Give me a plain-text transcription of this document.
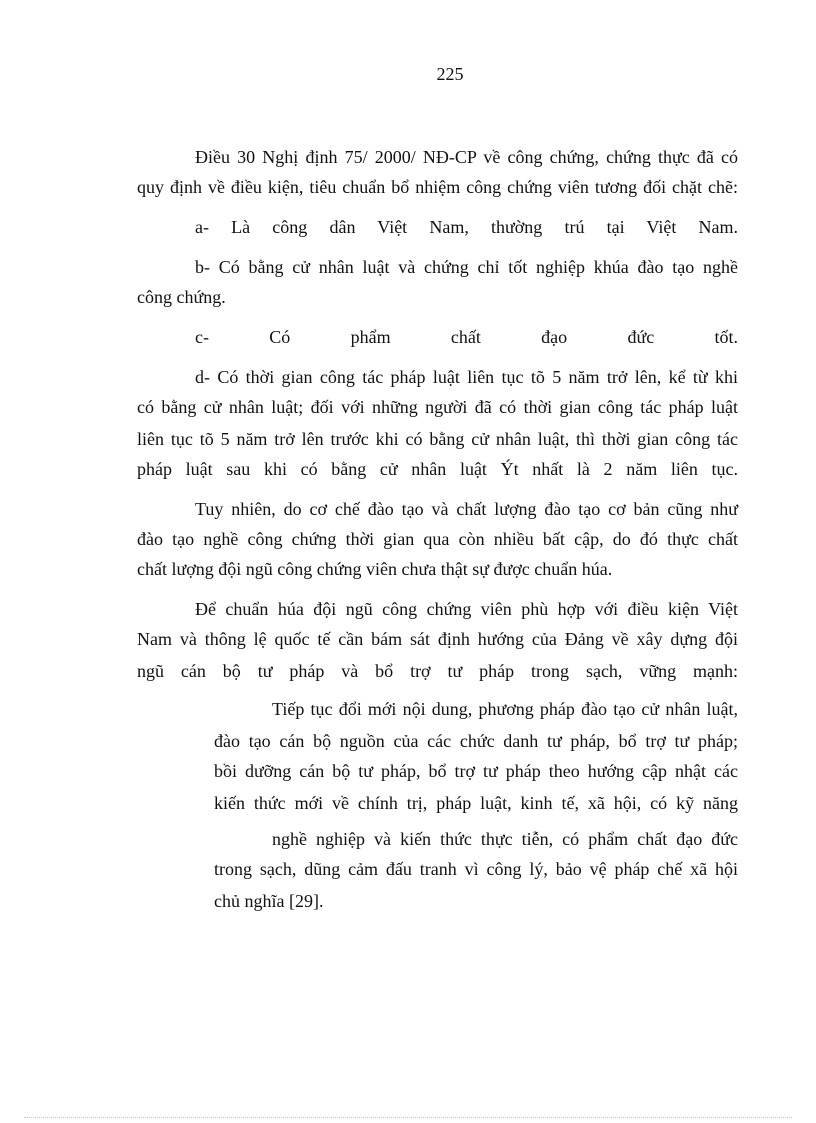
225
Điều 30 Nghị định 75/ 2000/ NĐ-CP về công chứng, chứng thực đã có
quy định về điều kiện, tiêu chuẩn bổ nhiệm công chứng viên tương đối chặt chẽ:
a- Là công dân Việt Nam, thường trú tại Việt Nam.
b- Có bằng cử nhân luật và chứng chỉ tốt nghiệp khúa đào tạo nghề
công chứng.
c- Có phẩm chất đạo đức tốt.
d- Có thời gian công tác pháp luật liên tục tõ 5 năm trở lên, kể từ khi
có bằng cử nhân luật; đối với những người đã có thời gian công tác pháp luật
liên tục tõ 5 năm trở lên trước khi có bằng cử nhân luật, thì thời gian công tác
pháp luật sau khi có bằng cử nhân luật Ýt nhất là 2 năm liên tục.
Tuy nhiên, do cơ chế đào tạo và chất lượng đào tạo cơ bản cũng như
đào tạo nghề công chứng thời gian qua còn nhiều bất cập, do đó thực chất
chất lượng đội ngũ công chứng viên chưa thật sự được chuẩn húa.
Để chuẩn húa đội ngũ công chứng viên phù hợp với điều kiện Việt
Nam và thông lệ quốc tế cần bám sát định hướng của Đảng về xây dựng đội
ngũ cán bộ tư pháp và bổ trợ tư pháp trong sạch, vững mạnh:
Tiếp tục đổi mới nội dung, phương pháp đào tạo cử nhân luật,
đào tạo cán bộ nguồn của các chức danh tư pháp, bổ trợ tư pháp;
bồi dưỡng cán bộ tư pháp, bổ trợ tư pháp theo hướng cập nhật các
kiến thức mới về chính trị, pháp luật, kinh tế, xã hội, có kỹ năng
nghề nghiệp và kiến thức thực tiễn, có phẩm chất đạo đức
trong sạch, dũng cảm đấu tranh vì công lý, bảo vệ pháp chế xã hội
chủ nghĩa [29].
